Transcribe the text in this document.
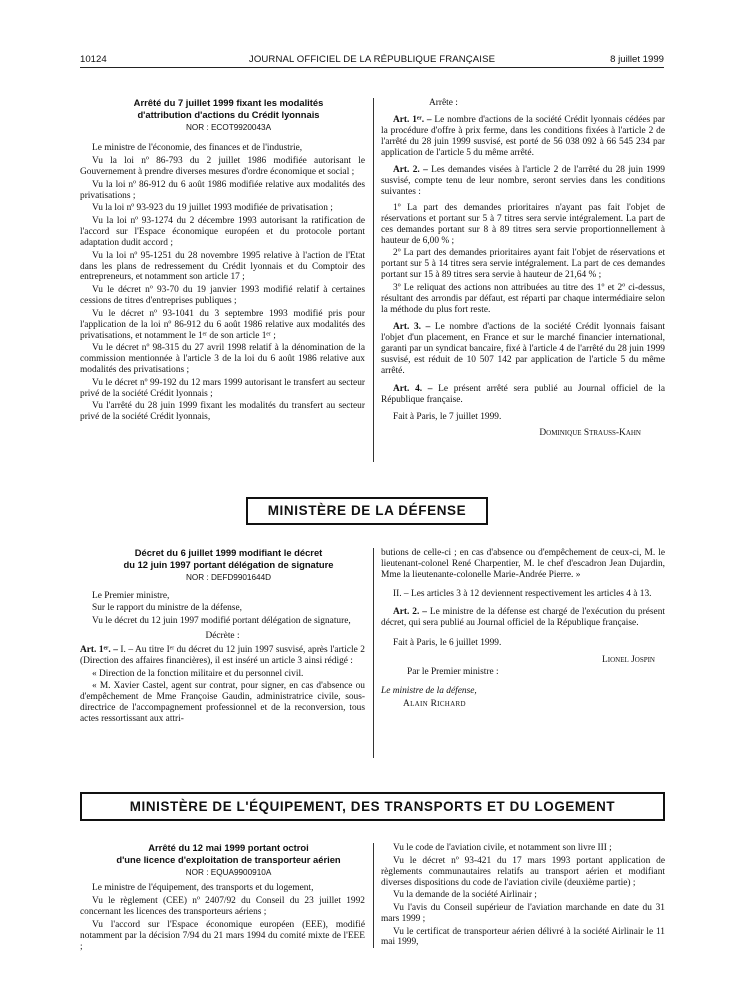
10124	JOURNAL OFFICIEL DE LA RÉPUBLIQUE FRANÇAISE	8 juillet 1999

Arrêté du 7 juillet 1999 fixant les modalités

d'attribution d'actions du Crédit lyonnais

NOR : ECOT9920043A

Le ministre de l'économie, des finances et de l'industrie,

Vu la loi nº 86-793 du 2 juillet 1986 modifiée autorisant le Gouvernement à prendre diverses mesures d'ordre économique et social ;

Vu la loi nº 86-912 du 6 août 1986 modifiée relative aux modalités des privatisations ;

Vu la loi nº 93-923 du 19 juillet 1993 modifiée de privatisation ;

Vu la loi nº 93-1274 du 2 décembre 1993 autorisant la ratification de l'accord sur l'Espace économique européen et du protocole portant adaptation dudit accord ;

Vu la loi nº 95-1251 du 28 novembre 1995 relative à l'action de l'Etat dans les plans de redressement du Crédit lyonnais et du Comptoir des entrepreneurs, et notamment son article 17 ;

Vu le décret nº 93-70 du 19 janvier 1993 modifié relatif à certaines cessions de titres d'entreprises publiques ;

Vu le décret nº 93-1041 du 3 septembre 1993 modifié pris pour l'application de la loi nº 86-912 du 6 août 1986 relative aux modalités des privatisations, et notamment le 1ᵉʳ de son article 1ᵉʳ ;

Vu le décret nº 98-315 du 27 avril 1998 relatif à la dénomination de la commission mentionnée à l'article 3 de la loi du 6 août 1986 relative aux modalités des privatisations ;

Vu le décret nº 99-192 du 12 mars 1999 autorisant le transfert au secteur privé de la société Crédit lyonnais ;

Vu l'arrêté du 28 juin 1999 fixant les modalités du transfert au secteur privé de la société Crédit lyonnais,

Arrête :

Art. 1ᵉʳ. – Le nombre d'actions de la société Crédit lyonnais cédées par la procédure d'offre à prix ferme, dans les conditions fixées à l'article 2 de l'arrêté du 28 juin 1999 susvisé, est porté de 56 038 092 à 66 545 234 par application de l'article 5 du même arrêté.

Art. 2. – Les demandes visées à l'article 2 de l'arrêté du 28 juin 1999 susvisé, compte tenu de leur nombre, seront servies dans les conditions suivantes :

1º La part des demandes prioritaires n'ayant pas fait l'objet de réservations et portant sur 5 à 7 titres sera servie intégralement. La part de ces demandes portant sur 8 à 89 titres sera servie proportionnellement à hauteur de 6,00 % ;

2º La part des demandes prioritaires ayant fait l'objet de réservations et portant sur 5 à 14 titres sera servie intégralement. La part de ces demandes portant sur 15 à 89 titres sera servie à hauteur de 21,64 % ;

3º Le reliquat des actions non attribuées au titre des 1º et 2º ci-dessus, résultant des arrondis par défaut, est réparti par chaque intermédiaire selon la méthode du plus fort reste.

Art. 3. – Le nombre d'actions de la société Crédit lyonnais faisant l'objet d'un placement, en France et sur le marché financier international, garanti par un syndicat bancaire, fixé à l'article 4 de l'arrêté du 28 juin 1999 susvisé, est réduit de 10 507 142 par application de l'article 5 du même arrêté.

Art. 4. – Le présent arrêté sera publié au Journal officiel de la République française.

Fait à Paris, le 7 juillet 1999.

Dominique Strauss-Kahn

MINISTÈRE DE LA DÉFENSE

Décret du 6 juillet 1999 modifiant le décret

du 12 juin 1997 portant délégation de signature

NOR : DEFD9901644D

Le Premier ministre,

Sur le rapport du ministre de la défense,

Vu le décret du 12 juin 1997 modifié portant délégation de signature,

Décrète :

Art. 1ᵉʳ. – I. – Au titre Iᵉʳ du décret du 12 juin 1997 susvisé, après l'article 2 (Direction des affaires financières), il est inséré un article 3 ainsi rédigé :

« Direction de la fonction militaire et du personnel civil.

« M. Xavier Castel, agent sur contrat, pour signer, en cas d'absence ou d'empêchement de Mme Françoise Gaudin, administratrice civile, sous-directrice de l'accompagnement professionnel et de la reconversion, tous actes ressortissant aux attri-

butions de celle-ci ; en cas d'absence ou d'empêchement de ceux-ci, M. le lieutenant-colonel René Charpentier, M. le chef d'escadron Jean Dujardin, Mme la lieutenante-colonelle Marie-Andrée Pierre. »

II. – Les articles 3 à 12 deviennent respectivement les articles 4 à 13.

Art. 2. – Le ministre de la défense est chargé de l'exécution du présent décret, qui sera publié au Journal officiel de la République française.

Fait à Paris, le 6 juillet 1999.

Lionel Jospin

Par le Premier ministre :

Le ministre de la défense,

Alain Richard

MINISTÈRE DE L'ÉQUIPEMENT, DES TRANSPORTS ET DU LOGEMENT

Arrêté du 12 mai 1999 portant octroi

d'une licence d'exploitation de transporteur aérien

NOR : EQUA9900910A

Le ministre de l'équipement, des transports et du logement,

Vu le règlement (CEE) nº 2407/92 du Conseil du 23 juillet 1992 concernant les licences des transporteurs aériens ;

Vu l'accord sur l'Espace économique européen (EEE), modifié notamment par la décision 7/94 du 21 mars 1994 du comité mixte de l'EEE ;

Vu le code de l'aviation civile, et notamment son livre III ;

Vu le décret nº 93-421 du 17 mars 1993 portant application de règlements communautaires relatifs au transport aérien et modifiant diverses dispositions du code de l'aviation civile (deuxième partie) ;

Vu la demande de la société Airlinair ;

Vu l'avis du Conseil supérieur de l'aviation marchande en date du 31 mars 1999 ;

Vu le certificat de transporteur aérien délivré à la société Airlinair le 11 mai 1999,
